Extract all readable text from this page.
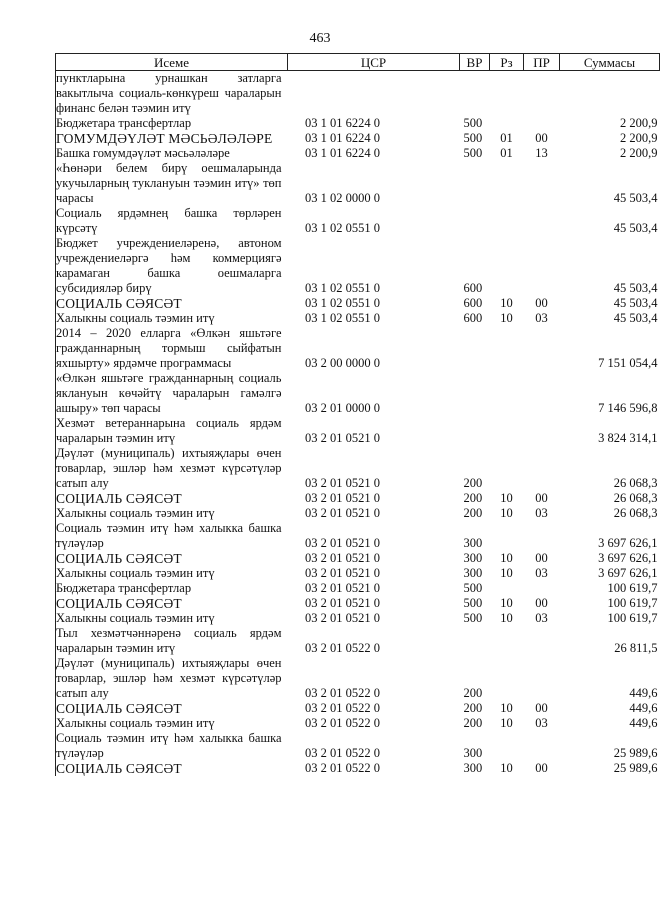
463
Исеме	ЦСР	ВР	Рз	ПР	Суммасы
пунктларына урнашкан затларга вакытлыча социаль-көнкүреш чараларын финанс белән тәэмин итү					
Бюджетара трансфертлар	03 1 01 6224 0	500			2 200,9
ГОМУМДӘҮЛӘТ МӘСЬӘЛӘЛӘРЕ	03 1 01 6224 0	500	01	00	2 200,9
Башка гомумдәүләт мәсьәләләре	03 1 01 6224 0	500	01	13	2 200,9
«Һөнәри белем бирү оешмаларында укучыларның туклануын тәэмин итү» төп чарасы	03 1 02 0000 0				45 503,4
Социаль ярдәмнең башка төрләрен күрсәтү	03 1 02 0551 0				45 503,4
Бюджет учреждениеләренә, автоном учреждениеләргә һәм коммерциягә карамаган башка оешмаларга субсидияләр бирү	03 1 02 0551 0	600			45 503,4
СОЦИАЛЬ СӘЯСӘТ	03 1 02 0551 0	600	10	00	45 503,4
Халыкны социаль тәэмин итү	03 1 02 0551 0	600	10	03	45 503,4
2014 – 2020 елларга «Өлкән яшьтәге гражданнарның тормыш сыйфатын яхшырту» ярдәмче программасы	03 2 00 0000 0				7 151 054,4
«Өлкән яшьтәге гражданнарның социаль яклануын көчәйтү чараларын гамәлгә ашыру» төп чарасы	03 2 01 0000 0				7 146 596,8
Хезмәт ветераннарына социаль ярдәм чараларын тәэмин итү	03 2 01 0521 0				3 824 314,1
Дәүләт (муниципаль) ихтыяҗлары өчен товарлар, эшләр һәм хезмәт күрсәтүләр сатып алу	03 2 01 0521 0	200			26 068,3
СОЦИАЛЬ СӘЯСӘТ	03 2 01 0521 0	200	10	00	26 068,3
Халыкны социаль тәэмин итү	03 2 01 0521 0	200	10	03	26 068,3
Социаль тәэмин итү һәм халыкка башка түләүләр	03 2 01 0521 0	300			3 697 626,1
СОЦИАЛЬ СӘЯСӘТ	03 2 01 0521 0	300	10	00	3 697 626,1
Халыкны социаль тәэмин итү	03 2 01 0521 0	300	10	03	3 697 626,1
Бюджетара трансфертлар	03 2 01 0521 0	500			100 619,7
СОЦИАЛЬ СӘЯСӘТ	03 2 01 0521 0	500	10	00	100 619,7
Халыкны социаль тәэмин итү	03 2 01 0521 0	500	10	03	100 619,7
Тыл хезмәтчәннәренә социаль ярдәм чараларын тәэмин итү	03 2 01 0522 0				26 811,5
Дәүләт (муниципаль) ихтыяҗлары өчен товарлар, эшләр һәм хезмәт күрсәтүләр сатып алу	03 2 01 0522 0	200			449,6
СОЦИАЛЬ СӘЯСӘТ	03 2 01 0522 0	200	10	00	449,6
Халыкны социаль тәэмин итү	03 2 01 0522 0	200	10	03	449,6
Социаль тәэмин итү һәм халыкка башка түләүләр	03 2 01 0522 0	300			25 989,6
СОЦИАЛЬ СӘЯСӘТ	03 2 01 0522 0	300	10	00	25 989,6
